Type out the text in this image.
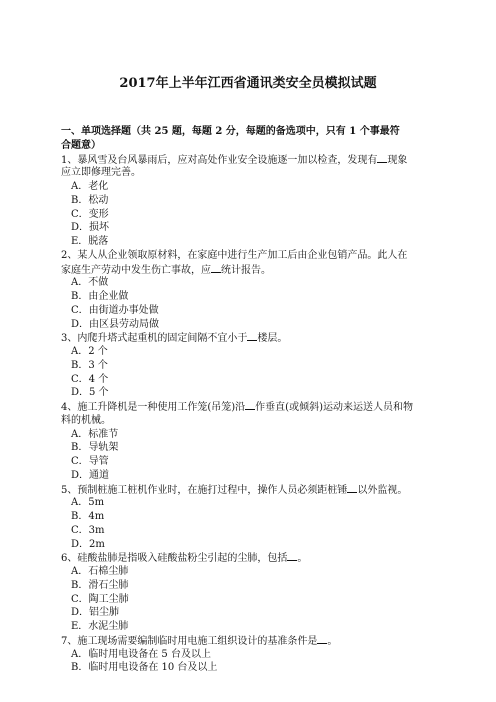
2017年上半年江西省通讯类安全员模拟试题
一、单项选择题（共 25 题，每题 2 分，每题的备选项中，只有 1 个事最符
合题意）
1、暴风雪及台风暴雨后，应对高处作业安全设施逐一加以检查，发现有 现象
应立即修理完善。
A．老化
B．松动
C．变形
D．损坏
E．脱落
2、某人从企业领取原材料，在家庭中进行生产加工后由企业包销产品。此人在
家庭生产劳动中发生伤亡事故，应 统计报告。
A．不做
B．由企业做
C．由街道办事处做
D．由区县劳动局做
3、内爬升塔式起重机的固定间隔不宜小于 楼层。
A．2 个
B．3 个
C．4 个
D．5 个
4、施工升降机是一种使用工作笼(吊笼)沿 作垂直(或倾斜)运动来运送人员和物
料的机械。
A．标准节
B．导轨架
C．导管
D．通道
5、预制桩施工桩机作业时，在施打过程中，操作人员必须距桩锤 以外监视。
A．5m
B．4m
C．3m
D．2m
6、硅酸盐肺是指吸入硅酸盐粉尘引起的尘肺，包括 。
A．石棉尘肺
B．滑石尘肺
C．陶工尘肺
D．铝尘肺
E．水泥尘肺
7、施工现场需要编制临时用电施工组织设计的基准条件是 。
A．临时用电设备在 5 台及以上
B．临时用电设备在 10 台及以上
